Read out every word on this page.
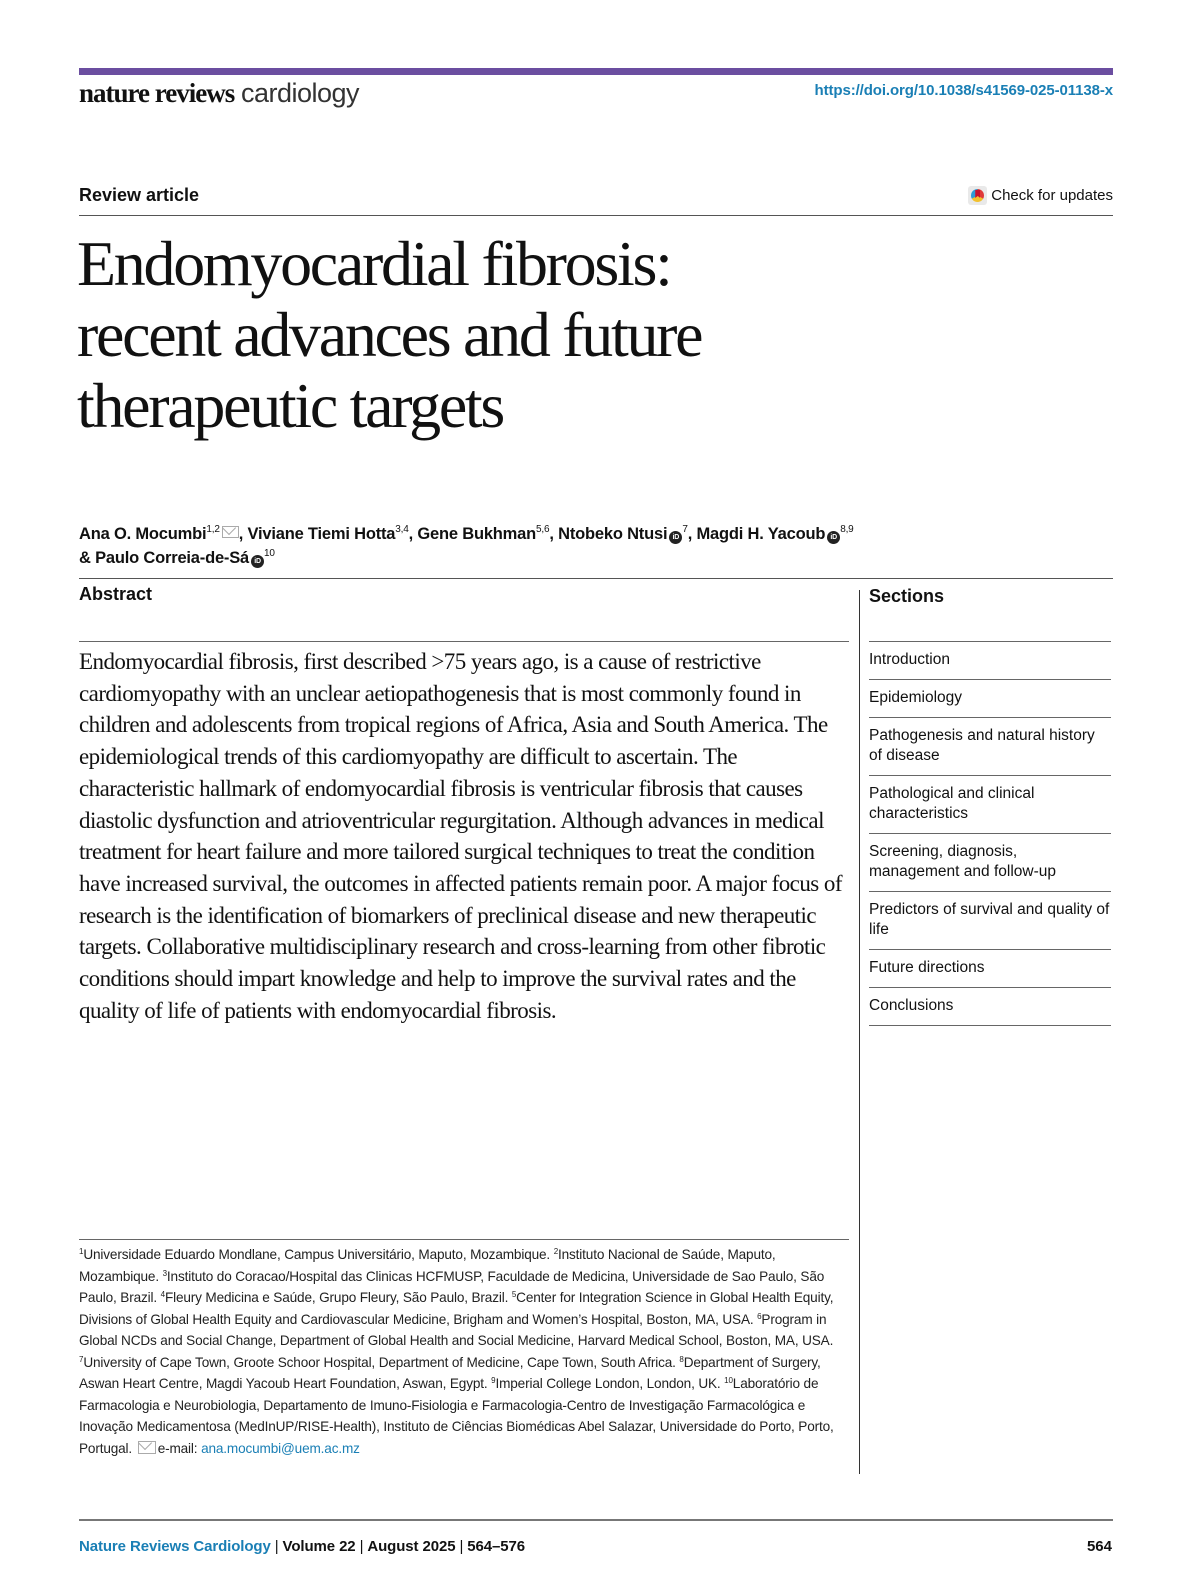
nature reviews cardiology	https://doi.org/10.1038/s41569-025-01138-x
Review article	Check for updates
Endomyocardial fibrosis:
recent advances and future
therapeutic targets
Ana O. Mocumbi$^{1,2}$ , Viviane Tiemi Hotta$^{3,4}$, Gene Bukhman$^{5,6}$, Ntobeko Ntusi $iD^7$, Magdi H. Yacoub iD$^{8,9}$
& Paulo Correia-de-Sá $iD^{10}$
Abstract	Sections

Endomyocardial fibrosis, first described >75 years ago, is a cause of restrictive cardiomyopathy with an unclear aetiopathogenesis that is most commonly found in children and adolescents from tropical regions of Africa, Asia and South America. The epidemiological trends of this cardiomyopathy are difficult to ascertain. The characteristic hallmark of endomyocardial fibrosis is ventricular fibrosis that causes diastolic dysfunction and atrioventricular regurgitation. Although advances in medical treatment for heart failure and more tailored surgical techniques to treat the condition have increased survival, the outcomes in affected patients remain poor. A major focus of research is the identification of biomarkers of preclinical disease and new therapeutic targets. Collaborative multidisciplinary research and cross-learning from other fibrotic conditions should impart knowledge and help to improve the survival rates and the quality of life of patients with endomyocardial fibrosis.

Introduction
Epidemiology
Pathogenesis and natural history of disease
Pathological and clinical characteristics
Screening, diagnosis, management and follow-up
Predictors of survival and quality of life
Future directions
Conclusions

$^1$Universidade Eduardo Mondlane, Campus Universitário, Maputo, Mozambique. $^2$Instituto Nacional de Saúde, Maputo, Mozambique. $^3$Instituto do Coracao/Hospital das Clinicas HCFMUSP, Faculdade de Medicina, Universidade de Sao Paulo, São Paulo, Brazil. $^4$Fleury Medicina e Saúde, Grupo Fleury, São Paulo, Brazil. $^5$Center for Integration Science in Global Health Equity, Divisions of Global Health Equity and Cardiovascular Medicine, Brigham and Women’s Hospital, Boston, MA, USA. $^6$Program in Global NCDs and Social Change, Department of Global Health and Social Medicine, Harvard Medical School, Boston, MA, USA. $^7$University of Cape Town, Groote Schoor Hospital, Department of Medicine, Cape Town, South Africa. $^8$Department of Surgery, Aswan Heart Centre, Magdi Yacoub Heart Foundation, Aswan, Egypt. $^9$Imperial College London, London, UK. $^{10}$Laboratório de Farmacologia e Neurobiologia, Departamento de Imuno-Fisiologia e Farmacologia-Centro de Investigação Farmacológica e Inovação Medicamentosa (MedInUP/RISE-Health), Instituto de Ciências Biomédicas Abel Salazar, Universidade do Porto, Porto, Portugal. e-mail: ana.mocumbi@uem.ac.mz

Nature Reviews Cardiology | Volume 22 | August 2025 | 564–576	564
